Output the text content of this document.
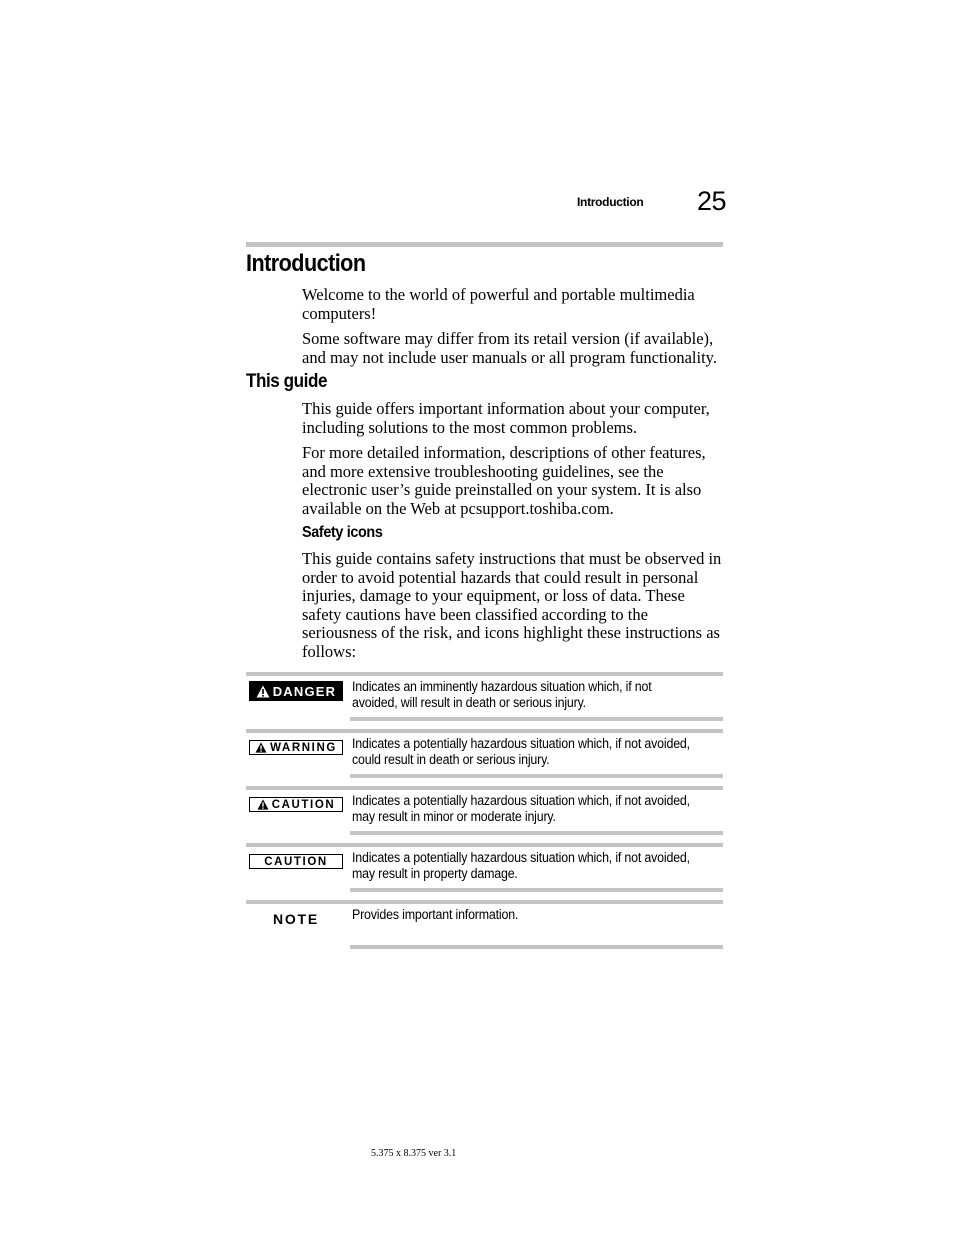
Introduction 25
Introduction

Welcome to the world of powerful and portable multimedia computers!

Some software may differ from its retail version (if available), and may not include user manuals or all program functionality.

This guide

This guide offers important information about your computer, including solutions to the most common problems.

For more detailed information, descriptions of other features, and more extensive troubleshooting guidelines, see the electronic user’s guide preinstalled on your system. It is also available on the Web at pcsupport.toshiba.com.

Safety icons

This guide contains safety instructions that must be observed in order to avoid potential hazards that could result in personal injuries, damage to your equipment, or loss of data. These safety cautions have been classified according to the seriousness of the risk, and icons highlight these instructions as follows:

DANGER Indicates an imminently hazardous situation which, if not avoided, will result in death or serious injury.
WARNING Indicates a potentially hazardous situation which, if not avoided, could result in death or serious injury.
CAUTION Indicates a potentially hazardous situation which, if not avoided, may result in minor or moderate injury.
CAUTION Indicates a potentially hazardous situation which, if not avoided, may result in property damage.
NOTE Provides important information.
5.375 x 8.375 ver 3.1
